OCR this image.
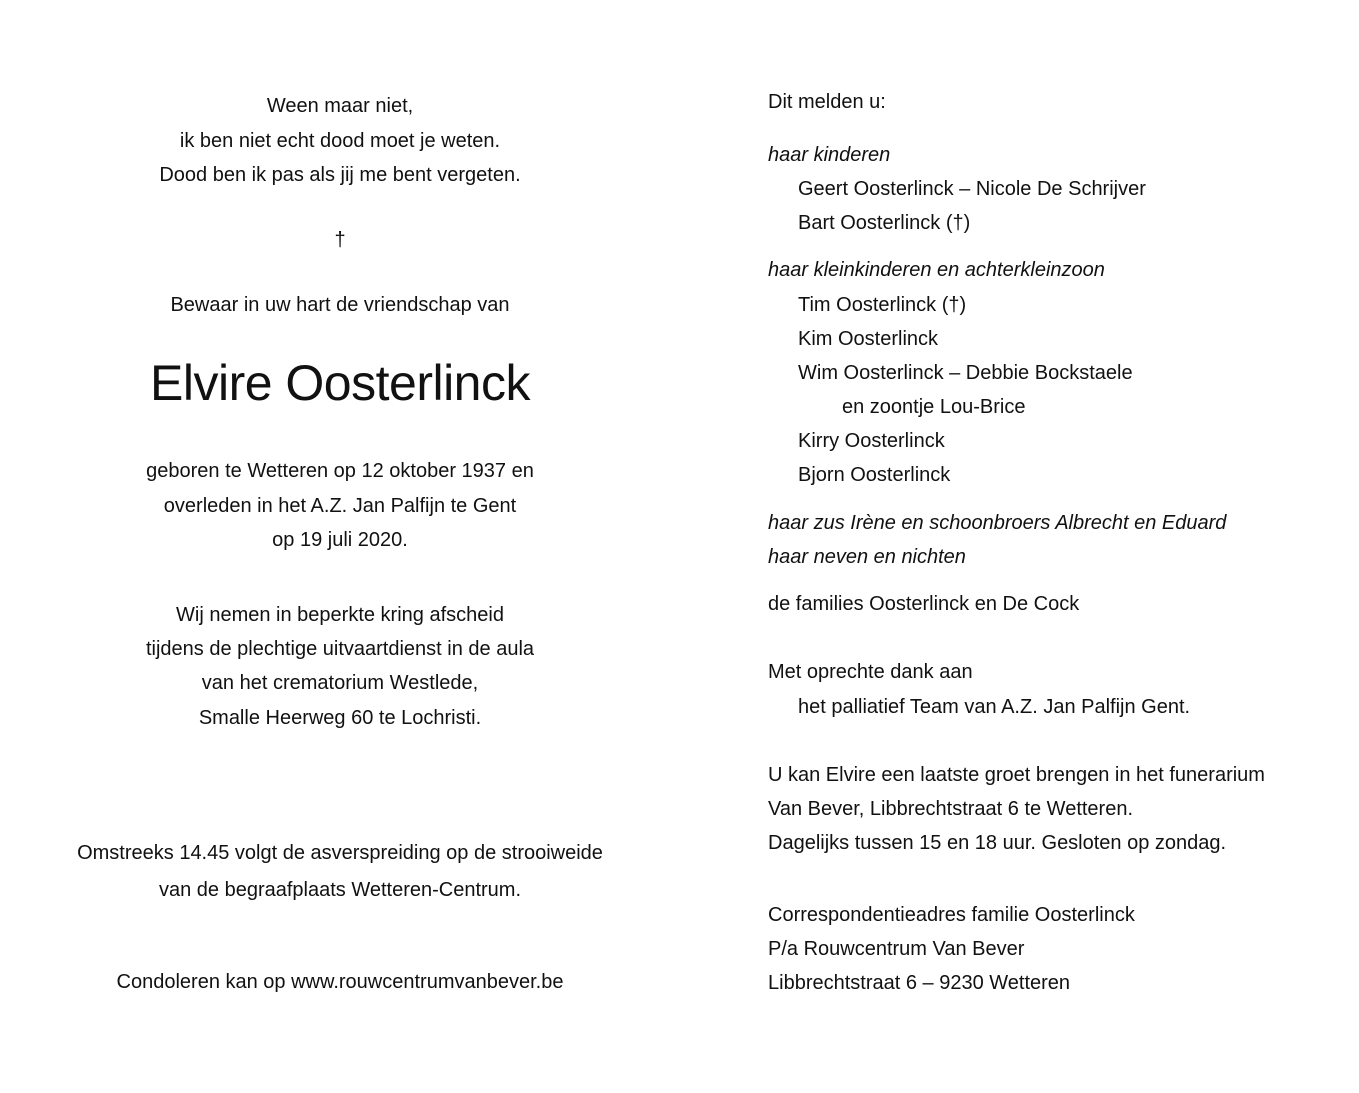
Ween maar niet,
ik ben niet echt dood moet je weten.
Dood ben ik pas als jij me bent vergeten.
†
Bewaar in uw hart de vriendschap van
Elvire Oosterlinck
geboren te Wetteren op 12 oktober 1937 en
overleden in het A.Z. Jan Palfijn te Gent
op 19 juli 2020.
Wij nemen in beperkte kring afscheid
tijdens de plechtige uitvaartdienst in de aula
van het crematorium Westlede,
Smalle Heerweg 60 te Lochristi.
Omstreeks 14.45 volgt de asverspreiding op de strooiweide
van de begraafplaats Wetteren-Centrum.
Condoleren kan op www.rouwcentrumvanbever.be
Dit melden u:
haar kinderen
Geert Oosterlinck – Nicole De Schrijver
Bart Oosterlinck (†)
haar kleinkinderen en achterkleinzoon
Tim Oosterlinck (†)
Kim Oosterlinck
Wim Oosterlinck – Debbie Bockstaele
en zoontje Lou-Brice
Kirry Oosterlinck
Bjorn Oosterlinck
haar zus Irène en schoonbroers Albrecht en Eduard
haar neven en nichten
de families Oosterlinck en De Cock
Met oprechte dank aan
het palliatief Team van A.Z. Jan Palfijn Gent.
U kan Elvire een laatste groet brengen in het funerarium
Van Bever, Libbrechtstraat 6 te Wetteren.
Dagelijks tussen 15 en 18 uur. Gesloten op zondag.
Correspondentieadres familie Oosterlinck
P/a Rouwcentrum Van Bever
Libbrechtstraat 6 – 9230 Wetteren
